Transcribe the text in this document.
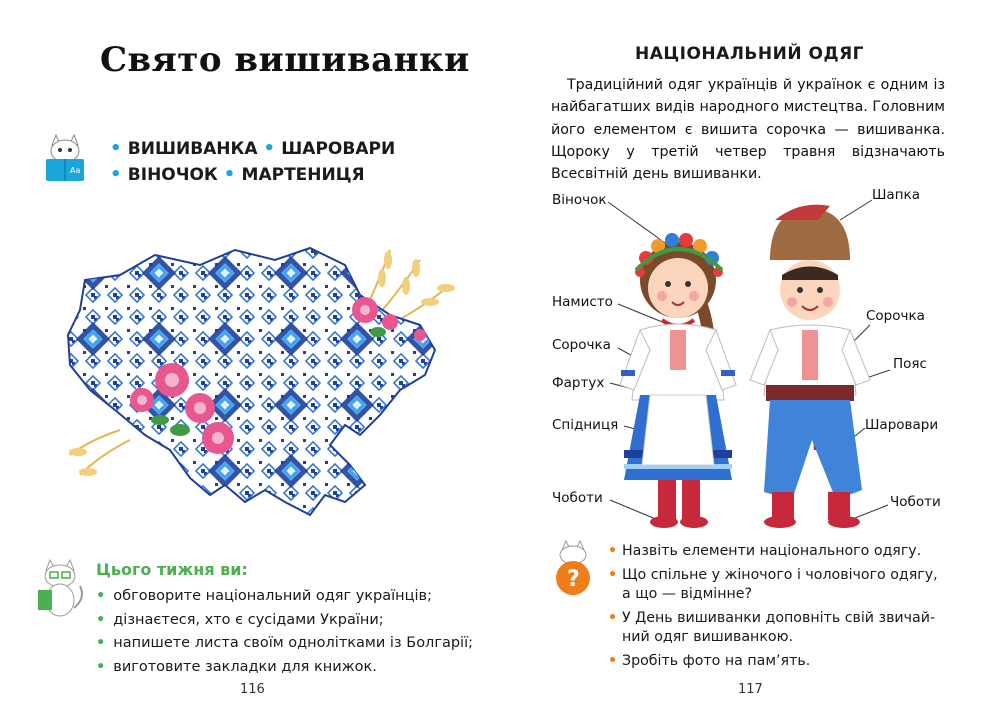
Свято вишиванки
Aa
• ВИШИВАНКА • ШАРОВАРИ
• ВІНОЧОК • МАРТЕНИЦЯ
Цього тижня ви:
• обговорите національний одяг українців;
• дізнаєтеся, хто є сусідами України;
• напишете листа своїм однолітками із Болгарії;
• виготовите закладки для книжок.
116
НАЦІОНАЛЬНИЙ ОДЯГ

Традиційний одяг українців й українок є одним із найбагатших видів народного мистецтва. Головним його елементом є вишита сорочка — вишиванка. Щороку у третій четвер травня відзначають Всесвітній день вишиванки.

Віночок
Намисто
Сорочка
Фартух
Спідниця
Чоботи
Шапка
Сорочка
Пояс
Шаровари
Чоботи
?
• Назвіть елементи національного одягу.
• Що спільне у жіночого і чоловічого одягу, а що — відмінне?
• У День вишиванки доповніть свій звичай-ний одяг вишиванкою.
• Зробіть фото на пам’ять.
117
